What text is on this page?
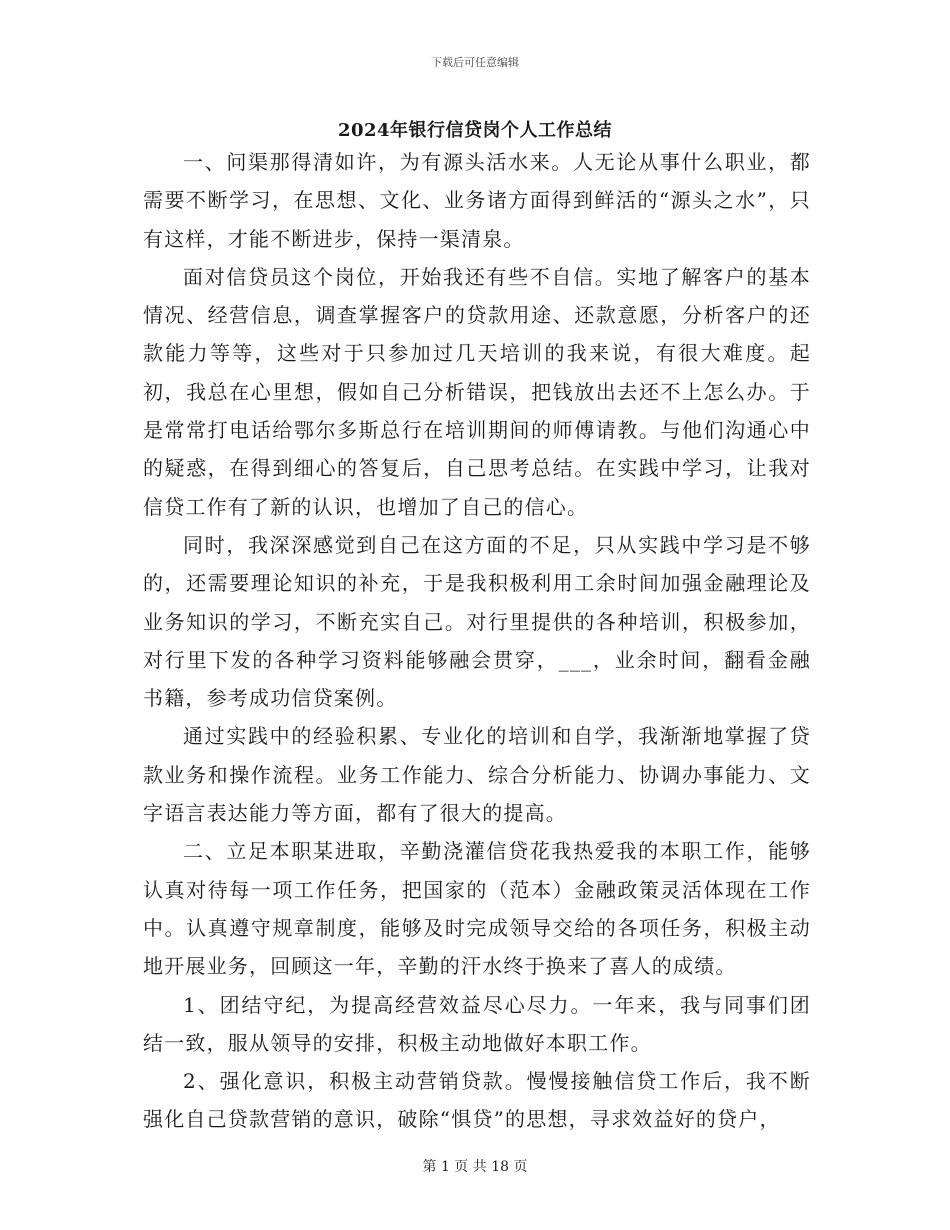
下载后可任意编辑
2024年银行信贷岗个人工作总结

一、问渠那得清如许，为有源头活水来。人无论从事什么职业，都需要不断学习，在思想、文化、业务诸方面得到鲜活的“源头之水”，只有这样，才能不断进步，保持一渠清泉。

面对信贷员这个岗位，开始我还有些不自信。实地了解客户的基本情况、经营信息，调查掌握客户的贷款用途、还款意愿，分析客户的还款能力等等，这些对于只参加过几天培训的我来说，有很大难度。起初，我总在心里想，假如自己分析错误，把钱放出去还不上怎么办。于是常常打电话给鄂尔多斯总行在培训期间的师傅请教。与他们沟通心中的疑惑，在得到细心的答复后，自己思考总结。在实践中学习，让我对信贷工作有了新的认识，也增加了自己的信心。

同时，我深深感觉到自己在这方面的不足，只从实践中学习是不够的，还需要理论知识的补充，于是我积极利用工余时间加强金融理论及业务知识的学习，不断充实自己。对行里提供的各种培训，积极参加，对行里下发的各种学习资料能够融会贯穿，___，业余时间，翻看金融书籍，参考成功信贷案例。

通过实践中的经验积累、专业化的培训和自学，我渐渐地掌握了贷款业务和操作流程。业务工作能力、综合分析能力、协调办事能力、文字语言表达能力等方面，都有了很大的提高。

二、立足本职某进取，辛勤浇灌信贷花我热爱我的本职工作，能够认真对待每一项工作任务，把国家的（范本）金融政策灵活体现在工作中。认真遵守规章制度，能够及时完成领导交给的各项任务，积极主动地开展业务，回顾这一年，辛勤的汗水终于换来了喜人的成绩。

1、团结守纪，为提高经营效益尽心尽力。一年来，我与同事们团结一致，服从领导的安排，积极主动地做好本职工作。

2、强化意识，积极主动营销贷款。慢慢接触信贷工作后，我不断强化自己贷款营销的意识，破除“惧贷”的思想，寻求效益好的贷户，

第 1 页 共 18 页
